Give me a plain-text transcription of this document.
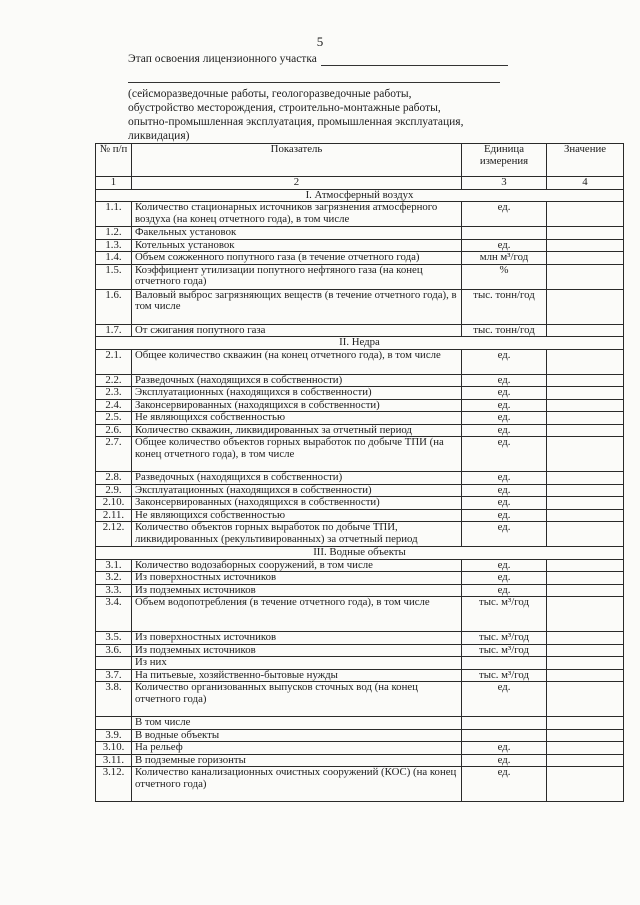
5
Этап освоения лицензионного участка
(сейсморазведочные работы, геологоразведочные работы,
обустройство месторождения, строительно-монтажные работы,
опытно-промышленная эксплуатация, промышленная эксплуатация,
ликвидация)
№ п/п	Показатель	Единица измерения	Значение
1	2	3	4
I. Атмосферный воздух			
1.1.	Количество стационарных источников загрязнения атмосферного воздуха (на конец отчетного года), в том числе	ед.	
1.2.	Факельных установок		
1.3.	Котельных установок	ед.	
1.4.	Объем сожженного попутного газа (в течение отчетного года)	млн м³/год	
1.5.	Коэффициент утилизации попутного нефтяного газа (на конец отчетного года)	%	
1.6.	Валовый выброс загрязняющих веществ (в течение отчетного года), в том числе	тыс. тонн/год	
1.7.	От сжигания попутного газа	тыс. тонн/год	
II. Недра			
2.1.	Общее количество скважин (на конец отчетного года), в том числе	ед.	
2.2.	Разведочных (находящихся в собственности)	ед.	
2.3.	Эксплуатационных (находящихся в собственности)	ед.	
2.4.	Законсервированных (находящихся в собственности)	ед.	
2.5.	Не являющихся собственностью	ед.	
2.6.	Количество скважин, ликвидированных за отчетный период	ед.	
2.7.	Общее количество объектов горных выработок по добыче ТПИ (на конец отчетного года), в том числе	ед.	
2.8.	Разведочных (находящихся в собственности)	ед.	
2.9.	Эксплуатационных (находящихся в собственности)	ед.	
2.10.	Законсервированных (находящихся в собственности)	ед.	
2.11.	Не являющихся собственностью	ед.	
2.12.	Количество объектов горных выработок по добыче ТПИ, ликвидированных (рекультивированных) за отчетный период	ед.	
III. Водные объекты			
3.1.	Количество водозаборных сооружений, в том числе	ед.	
3.2.	Из поверхностных источников	ед.	
3.3.	Из подземных источников	ед.	
3.4.	Объем водопотребления (в течение отчетного года), в том числе	тыс. м³/год	
3.5.	Из поверхностных источников	тыс. м³/год	
3.6.	Из подземных источников	тыс. м³/год	
	Из них		
3.7.	На питьевые, хозяйственно-бытовые нужды	тыс. м³/год	
3.8.	Количество организованных выпусков сточных вод (на конец отчетного года)	ед.	
	В том числе		
3.9.	В водные объекты		
3.10.	На рельеф	ед.	
3.11.	В подземные горизонты	ед.	
3.12.	Количество канализационных очистных сооружений (КОС) (на конец отчетного года)	ед.	
